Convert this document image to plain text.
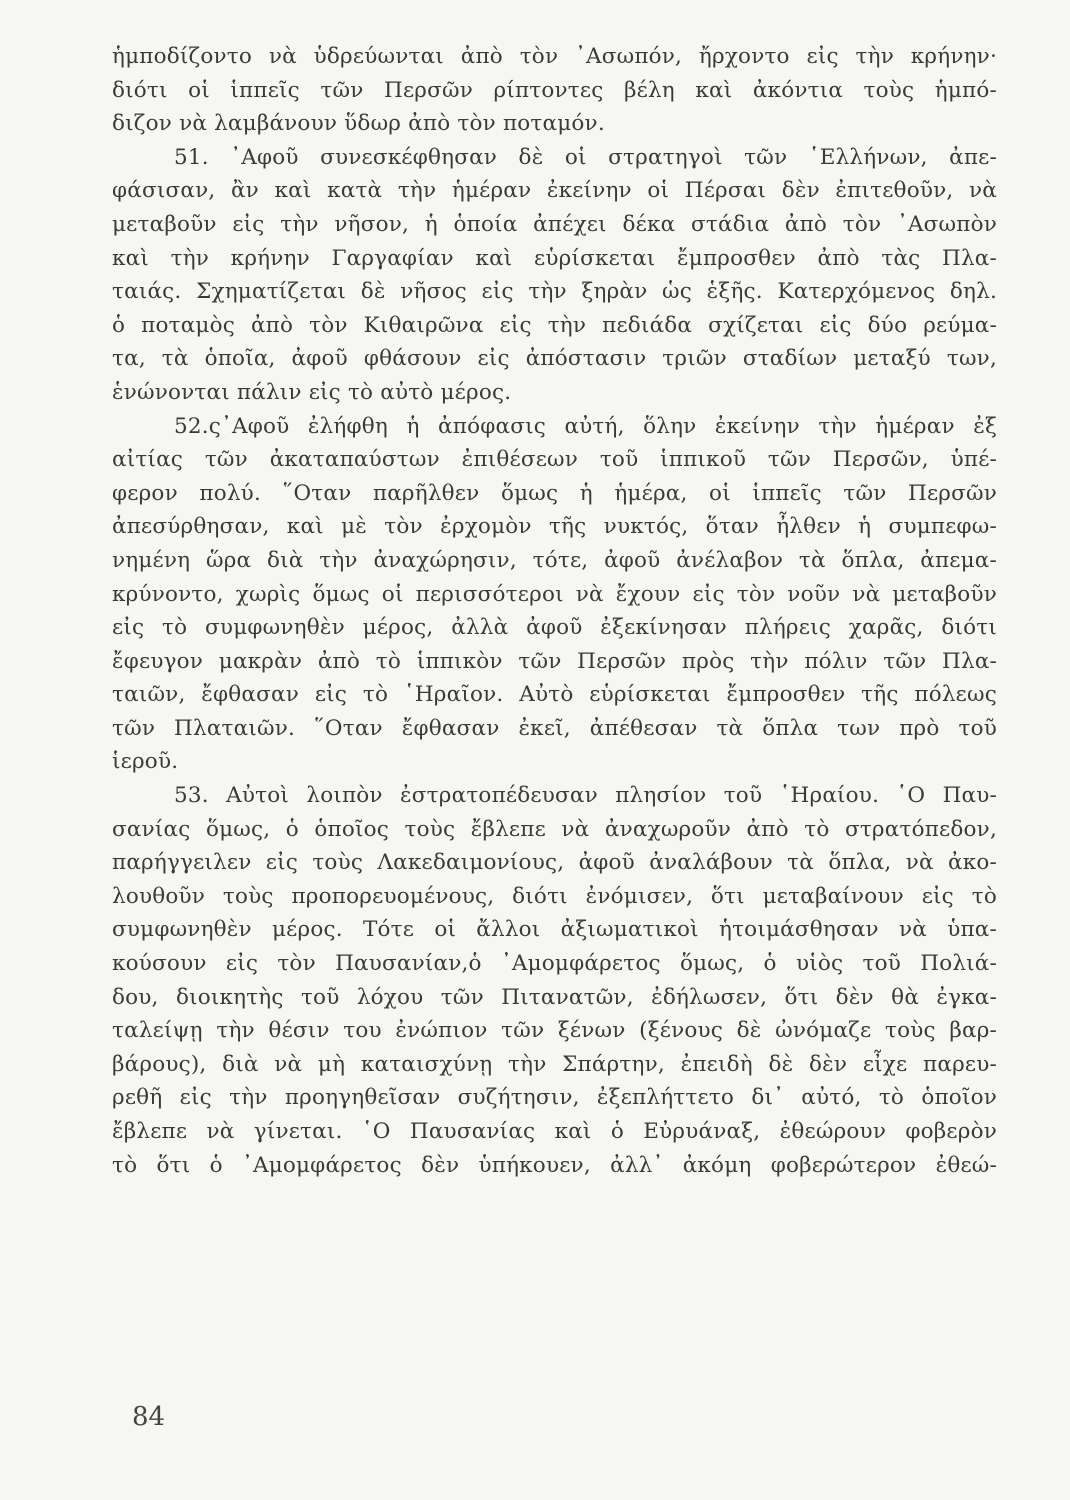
ἡμποδίζοντο νὰ ὑδρεύωνται ἀπὸ τὸν ᾿Ασωπόν, ἤρχοντο εἰς τὴν κρήνην·
διότι οἱ ἱππεῖς τῶν Περσῶν ρίπτοντες βέλη καὶ ἀκόντια τοὺς ἡμπό-
διζον νὰ λαμβάνουν ὕδωρ ἀπὸ τὸν ποταμόν.

51. ᾿Αφοῦ συνεσκέφθησαν δὲ οἱ στρατηγοὶ τῶν ῾Ελλήνων, ἀπε-
φάσισαν, ἂν καὶ κατὰ τὴν ἡμέραν ἐκείνην οἱ Πέρσαι δὲν ἐπιτεθοῦν, νὰ
μεταβοῦν εἰς τὴν νῆσον, ἡ ὁποία ἀπέχει δέκα στάδια ἀπὸ τὸν ᾿Ασωπὸν
καὶ τὴν κρήνην Γαργαφίαν καὶ εὑρίσκεται ἔμπροσθεν ἀπὸ τὰς Πλα-
ταιάς. Σχηματίζεται δὲ νῆσος εἰς τὴν ξηρὰν ὡς ἑξῆς. Κατερχόμενος δηλ.
ὁ ποταμὸς ἀπὸ τὸν Κιθαιρῶνα εἰς τὴν πεδιάδα σχίζεται εἰς δύο ρεύμα-
τα, τὰ ὁποῖα, ἀφοῦ φθάσουν εἰς ἀπόστασιν τριῶν σταδίων μεταξύ των,
ἑνώνονται πάλιν εἰς τὸ αὐτὸ μέρος.

52.ς᾿Αφοῦ ἐλήφθη ἡ ἀπόφασις αὐτή, ὅλην ἐκείνην τὴν ἡμέραν ἐξ
αἰτίας τῶν ἀκαταπαύστων ἐπιθέσεων τοῦ ἱππικοῦ τῶν Περσῶν, ὑπέ-
φερον πολύ. ῞Οταν παρῆλθεν ὅμως ἡ ἡμέρα, οἱ ἱππεῖς τῶν Περσῶν
ἀπεσύρθησαν, καὶ μὲ τὸν ἐρχομὸν τῆς νυκτός, ὅταν ἦλθεν ἡ συμπεφω-
νημένη ὥρα διὰ τὴν ἀναχώρησιν, τότε, ἀφοῦ ἀνέλαβον τὰ ὅπλα, ἀπεμα-
κρύνοντο, χωρὶς ὅμως οἱ περισσότεροι νὰ ἔχουν εἰς τὸν νοῦν νὰ μεταβοῦν
εἰς τὸ συμφωνηθὲν μέρος, ἀλλὰ ἀφοῦ ἐξεκίνησαν πλήρεις χαρᾶς, διότι
ἔφευγον μακρὰν ἀπὸ τὸ ἱππικὸν τῶν Περσῶν πρὸς τὴν πόλιν τῶν Πλα-
ταιῶν, ἔφθασαν εἰς τὸ ῾Ηραῖον. Αὐτὸ εὑρίσκεται ἔμπροσθεν τῆς πόλεως
τῶν Πλαταιῶν. ῞Οταν ἔφθασαν ἐκεῖ, ἀπέθεσαν τὰ ὅπλα των πρὸ τοῦ
ἱεροῦ.

53. Αὐτοὶ λοιπὸν ἐστρατοπέδευσαν πλησίον τοῦ ῾Ηραίου. ῾Ο Παυ-
σανίας ὅμως, ὁ ὁποῖος τοὺς ἔβλεπε νὰ ἀναχωροῦν ἀπὸ τὸ στρατόπεδον,
παρήγγειλεν εἰς τοὺς Λακεδαιμονίους, ἀφοῦ ἀναλάβουν τὰ ὅπλα, νὰ ἀκο-
λουθοῦν τοὺς προπορευομένους, διότι ἐνόμισεν, ὅτι μεταβαίνουν εἰς τὸ
συμφωνηθὲν μέρος. Τότε οἱ ἄλλοι ἀξιωματικοὶ ἡτοιμάσθησαν νὰ ὑπα-
κούσουν εἰς τὸν Παυσανίαν,ὁ ᾿Αμομφάρετος ὅμως, ὁ υἱὸς τοῦ Πολιά-
δου, διοικητὴς τοῦ λόχου τῶν Πιτανατῶν, ἐδήλωσεν, ὅτι δὲν θὰ ἐγκα-
ταλείψῃ τὴν θέσιν του ἐνώπιον τῶν ξένων (ξένους δὲ ὠνόμαζε τοὺς βαρ-
βάρους), διὰ νὰ μὴ καταισχύνῃ τὴν Σπάρτην, ἐπειδὴ δὲ δὲν εἶχε παρευ-
ρεθῆ εἰς τὴν προηγηθεῖσαν συζήτησιν, ἐξεπλήττετο δι᾿ αὐτό, τὸ ὁποῖον
ἔβλεπε νὰ γίνεται. ῾Ο Παυσανίας καὶ ὁ Εὐρυάναξ, ἐθεώρουν φοβερὸν
τὸ ὅτι ὁ ᾿Αμομφάρετος δὲν ὑπήκουεν, ἀλλ᾿ ἀκόμη φοβερώτερον ἐθεώ-

84
